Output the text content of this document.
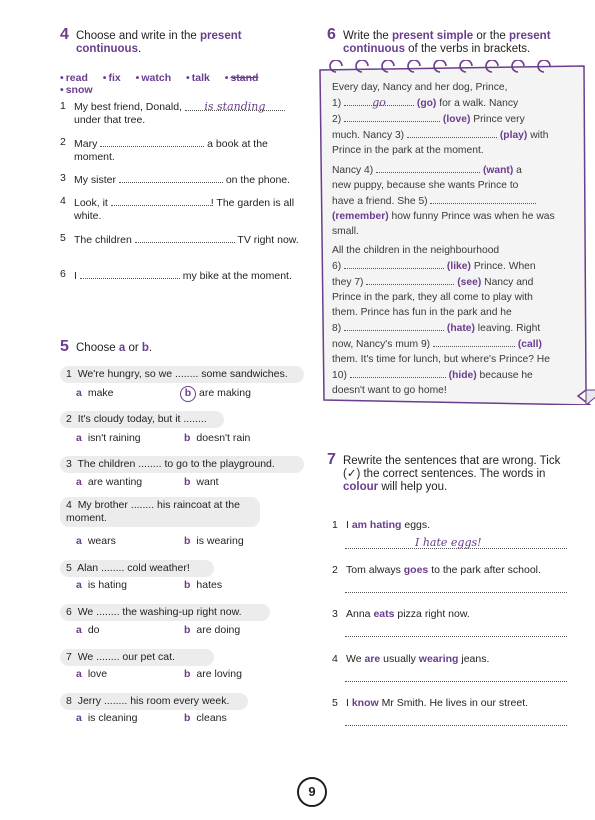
4 Choose and write in the present continuous.
• read • fix • watch • talk • stand • snow
1 My best friend, Donald, is standing under that tree.
2 Mary	a book at the moment.
3 My sister	on the phone.
4 Look, it	! The garden is all white.
5 The children	TV right now.
6 I	my bike at the moment.
5 Choose a or b.
1 We're hungry, so we ........ some sandwiches.
a make	b are making
2 It's cloudy today, but it ........
a isn't raining	b doesn't rain
3 The children ........ to go to the playground.
a are wanting	b want
4 My brother ........ his raincoat at the moment.
a wears	b is wearing
5 Alan ........ cold weather!
a is hating	b hates
6 We ........ the washing-up right now.
a do	b are doing
7 We ........ our pet cat.
a love	b are loving
8 Jerry ........ his room every week.
a is cleaning	b cleans
6 Write the present simple or the present continuous of the verbs in brackets.

Every day, Nancy and her dog, Prince,
1)	go	(go) for a walk. Nancy
2)	(love) Prince very
much. Nancy 3)	(play) with
Prince in the park at the moment.

Nancy 4)	(want) a
new puppy, because she wants Prince to
have a friend. She 5)
(remember) how funny Prince was when he was
small.

All the children in the neighbourhood
6)	(like) Prince. When
they 7)	(see) Nancy and
Prince in the park, they all come to play with
them. Prince has fun in the park and he
8)	(hate) leaving. Right
now, Nancy's mum 9)	(call)
them. It's time for lunch, but where's Prince? He
10)	(hide) because he
doesn't want to go home!

7 Rewrite the sentences that are wrong. Tick (✓) the correct sentences. The words in colour will help you.
1 I am hating eggs.
I hate eggs!
2 Tom always goes to the park after school.
3 Anna eats pizza right now.
4 We are usually wearing jeans.
5 I know Mr Smith. He lives in our street.
9
